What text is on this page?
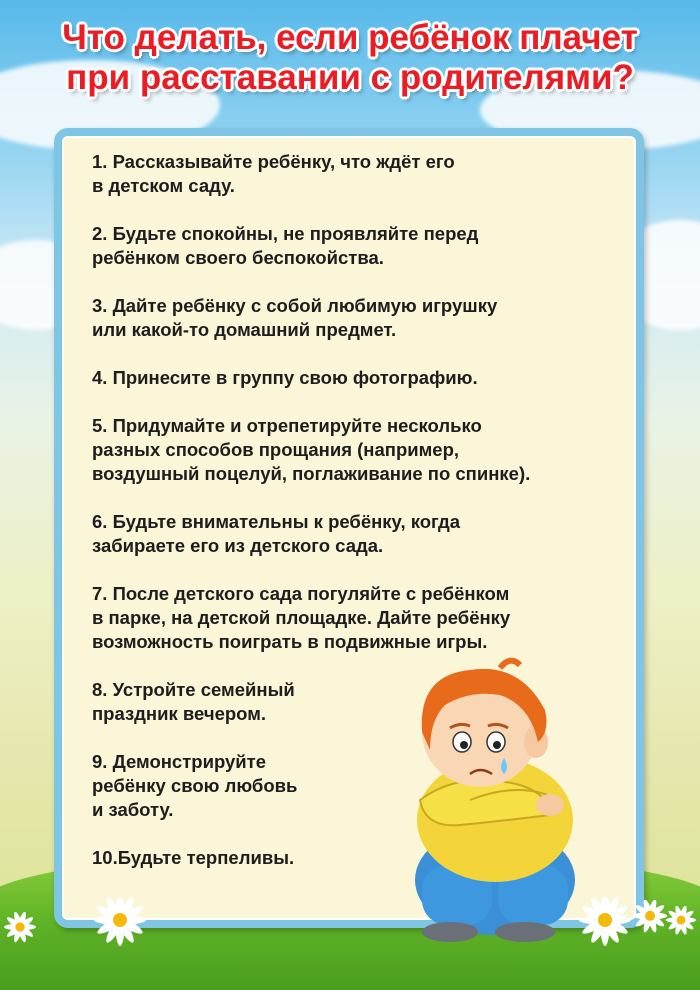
Что делать, если ребёнок плачет
при расставании с родителями?
1. Рассказывайте ребёнку, что ждёт его
в детском саду.
2. Будьте спокойны, не проявляйте перед
ребёнком своего беспокойства.
3. Дайте ребёнку с собой любимую игрушку
или какой-то домашний предмет.
4. Принесите в группу свою фотографию.
5. Придумайте и отрепетируйте несколько
разных способов прощания (например,
воздушный поцелуй, поглаживание по спинке).
6. Будьте внимательны к ребёнку, когда
забираете его из детского сада.
7. После детского сада погуляйте с ребёнком
в парке, на детской площадке. Дайте ребёнку
возможность поиграть в подвижные игры.
8. Устройте семейный
праздник вечером.
9. Демонстрируйте
ребёнку свою любовь
и заботу.
10.Будьте терпеливы.
